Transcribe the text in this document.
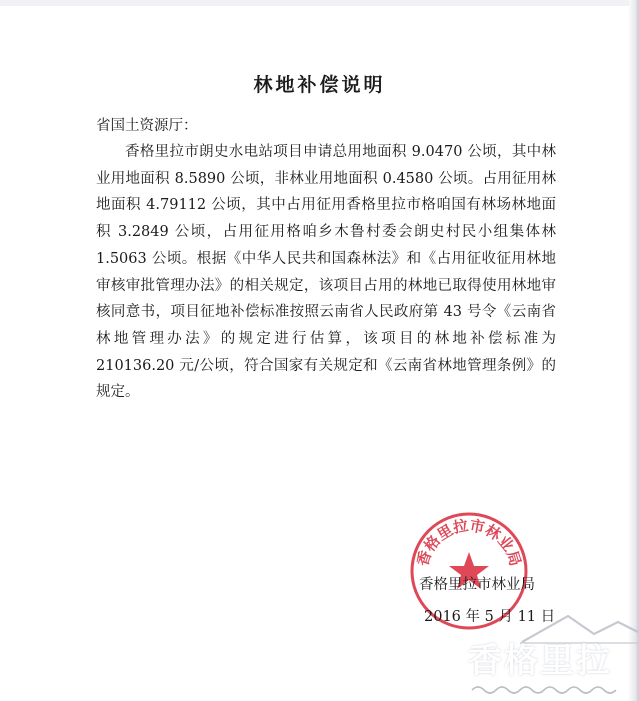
林地补偿说明
省国土资源厅：
香格里拉市朗史水电站项目申请总用地面积 9.0470 公顷，其中林业用地面积 8.5890 公顷，非林业用地面积 0.4580 公顷。占用征用林地面积 4.79112 公顷，其中占用征用香格里拉市格咱国有林场林地面积 3.2849 公顷，占用征用格咱乡木鲁村委会朗史村民小组集体林 1.5063 公顷。根据《中华人民共和国森林法》和《占用征收征用林地审核审批管理办法》的相关规定，该项目占用的林地已取得使用林地审核同意书，项目征地补偿标准按照云南省人民政府第 43 号令《云南省林地管理办法》的规定进行估算，该项目的林地补偿标准为 210136.20 元/公顷，符合国家有关规定和《云南省林地管理条例》的规定。
香格里拉市林业局
香格里拉市林业局
2016 年 5 月 11 日
香格里拉
